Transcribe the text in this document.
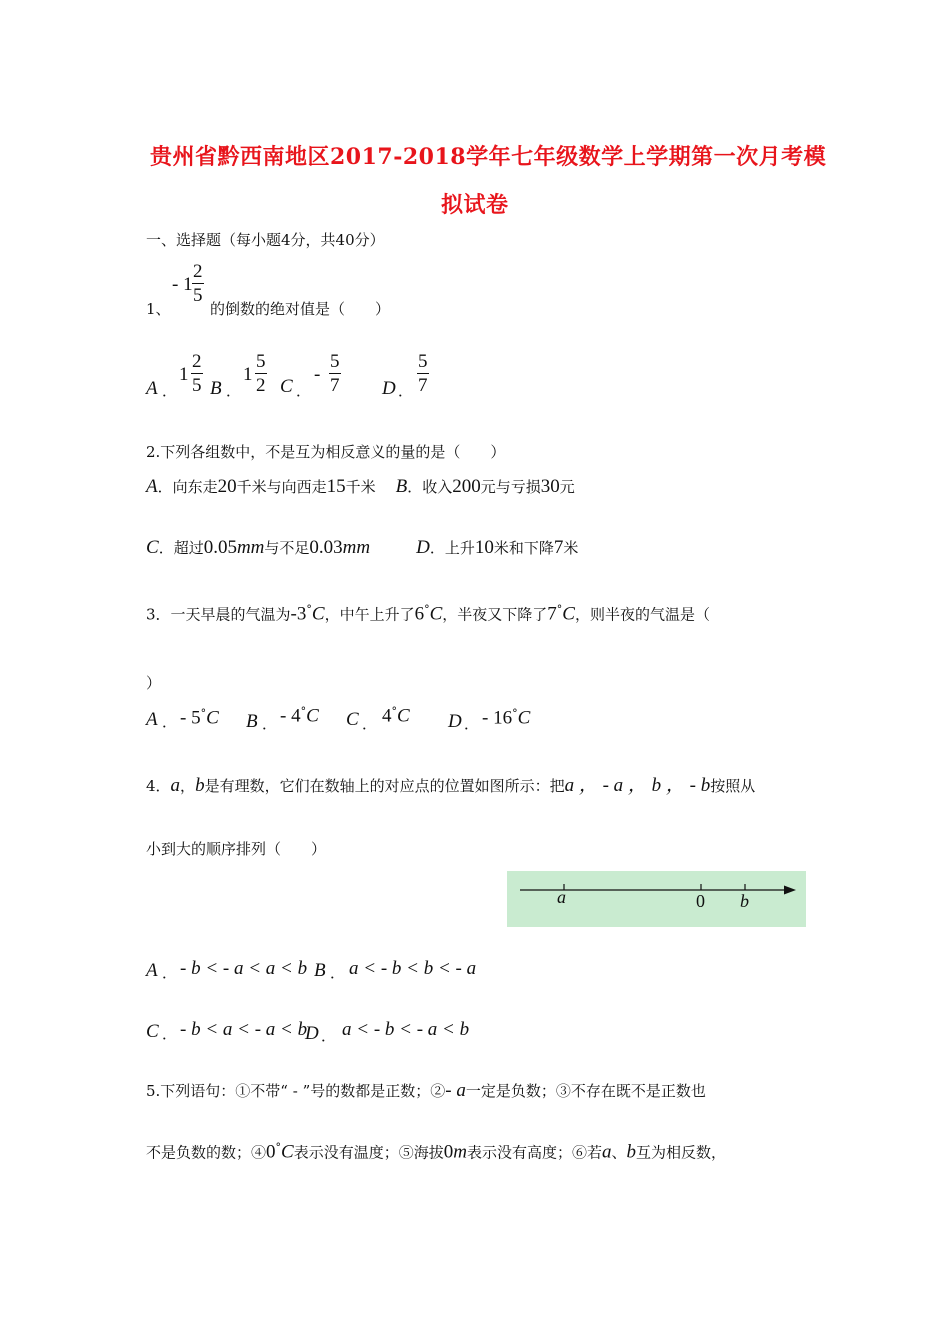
贵州省黔西南地区2017-2018学年七年级数学上学期第一次月考模
拟试卷
一、选择题（每小题4分，共40分）
1、
- $1 \frac{2}{5}$
的倒数的绝对值是（　　）
A ．
$1 \frac{2}{5}$ B ．
$1 \frac{5}{2}$ C ．
- $\frac{5}{7}$ D ． $\frac{5}{7}$
2.下列各组数中，不是互为相反意义的量的是（　　）
A．向东走20千米与向西走15千米 B．收入200元与亏损30元
C．超过0.05mm与不足0.03mm D．上升10米和下降7米
3．一天早晨的气温为-3°C，中午上升了6°C，半夜又下降了7°C，则半夜的气温是（
）
A ． - 5°C B ． - 4°C C ． 4°C D ． - 16°C
4．a，b是有理数，它们在数轴上的对应点的位置如图所示：把a ， - a ， b ， - b按照从
小到大的顺序排列（　　）
a	0 b
A ． - b < - a < a < b B ． a < - b < b < - a
C ． - b < a < - a < b
D ． a < - b < - a < b
5.下列语句：①不带“ - ”号的数都是正数；②- a一定是负数；③不存在既不是正数也
不是负数的数；④0°C表示没有温度；⑤海拔0m表示没有高度；⑥若a、b互为相反数，
